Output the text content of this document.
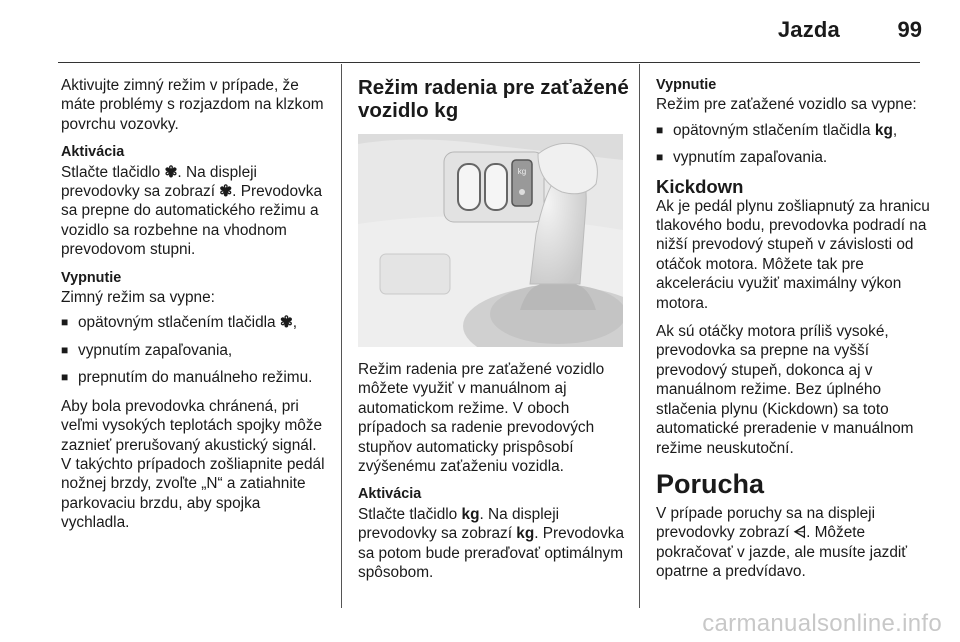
Jazda	99

Aktivujte zimný režim v prípade, že máte problémy s rozjazdom na klzkom povrchu vozovky.

Aktivácia
Stlačte tlačidlo ✾. Na displeji prevodovky sa zobrazí ✾. Prevodovka sa prepne do automatického režimu a vozidlo sa rozbehne na vhodnom prevodovom stupni.

Vypnutie
Zimný režim sa vypne:

■ opätovným stlačením tlačidla ✾,
■ vypnutím zapaľovania,
■ prepnutím do manuálneho režimu.

Aby bola prevodovka chránená, pri veľmi vysokých teplotách spojky môže zaznieť prerušovaný akustický signál. V takýchto prípadoch zošliapnite pedál nožnej brzdy, zvoľte „N“ a zatiahnite parkovaciu brzdu, aby spojka vychladla.

Režim radenia pre zaťažené vozidlo kg
kg

Režim radenia pre zaťažené vozidlo môžete využiť v manuálnom aj automatickom režime. V oboch prípadoch sa radenie prevodových stupňov automaticky prispôsobí zvýšenému zaťaženiu vozidla.

Aktivácia
Stlačte tlačidlo kg. Na displeji prevodovky sa zobrazí kg. Prevodovka sa potom bude preraďovať optimálnym spôsobom.

Vypnutie
Režim pre zaťažené vozidlo sa vypne:

■ opätovným stlačením tlačidla kg,
■ vypnutím zapaľovania.

Kickdown
Ak je pedál plynu zošliapnutý za hranicu tlakového bodu, prevodovka podradí na nižší prevodový stupeň v závislosti od otáčok motora. Môžete tak pre akceleráciu využiť maximálny výkon motora.

Ak sú otáčky motora príliš vysoké, prevodovka sa prepne na vyšší prevodový stupeň, dokonca aj v manuálnom režime. Bez úplného stlačenia plynu (Kickdown) sa toto automatické preradenie v manuálnom režime neuskutoční.

Porucha

V prípade poruchy sa na displeji prevodovky zobrazí ⩤. Môžete pokračovať v jazde, ale musíte jazdiť opatrne a predvídavo.

carmanualsonline.info
